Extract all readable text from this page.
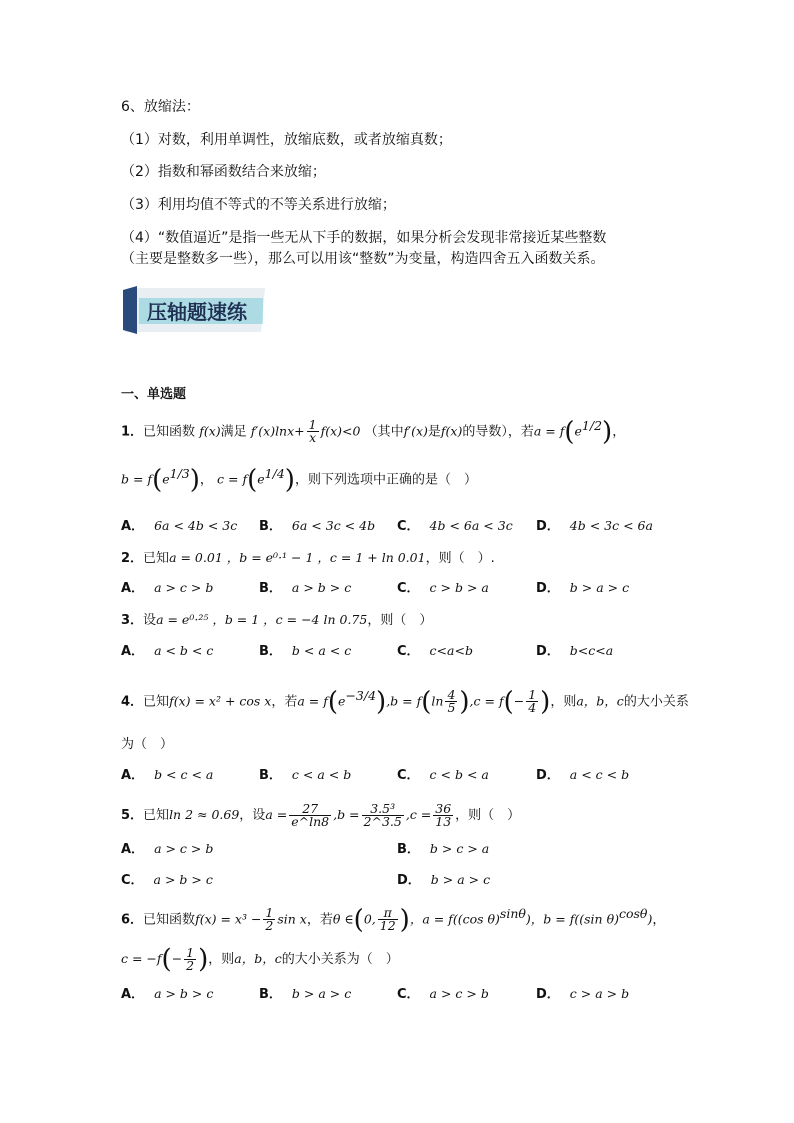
6、放缩法：
（1）对数，利用单调性，放缩底数，或者放缩真数；
（2）指数和幂函数结合来放缩；
（3）利用均值不等式的不等关系进行放缩；
（4）“数值逼近”是指一些无从下手的数据，如果分析会发现非常接近某些整数
（主要是整数多一些），那么可以用该“整数”为变量，构造四舍五入函数关系。
压轴题速练
一、单选题
1．已知函数 f(x)满足 $f'(x)\ln x+ \frac{1}{x} f(x)<0$ （其中f′(x)是f(x)的导数），若$a = f(e^{1/2})$，
$b = f(e^{1/3})$， $c = f(e^{1/4})$，则下列选项中正确的是（　）
A． 6a < 4b < 3c B． 6a < 3c < 4b C． 4b < 6a < 3c D． 4b < 3c < 6a
2．已知a = 0.01 ，b = e⁰·¹ − 1 ，c = 1 + ln 0.01，则（　）.
A． a > c > b	B． a > b > c	C． c > b > a	D． b > a > c
3．设a = e⁰·²⁵ ，b = 1 ，c = −4 ln 0.75，则（　）
A． a < b < c	B． b < a < c	C． c<a<b	D． b<c<a
4．已知f(x) = x² + cos x，若$a = f(e^{-3/4}),b = f(\ln \frac{4}{5} ),c = f(- \frac{1}{4}$ )，则a，b，c的大小关系
为（　）
A． b < c < a	B． c < a < b	C． c < b < a	D． a < c < b
5．已知ln 2 ≈ 0.69，设$a = \frac{27}{e\^{}\ln 8} ,b = \frac{\text{3.5³}}{2\^{}3.5} ,c = \frac{36}{13}$ ，则（　）
A． a > c > b	B． b > c > a
C． a > b > c	D． b > a > c
6．已知函数$f(x) = x^3 - \frac{1}{2}$ sin x，若θ ∈(0, $\frac{\pi}{12}$ )，a = f((cos θ)$^{sin\theta}$)，b = f((sin θ)$^{cos\theta}$)，
$c = -f(- \frac{1}{2}$ )，则a，b，c的大小关系为（　）
A． a > b > c	B． b > a > c	C． a > c > b	D． c > a > b
